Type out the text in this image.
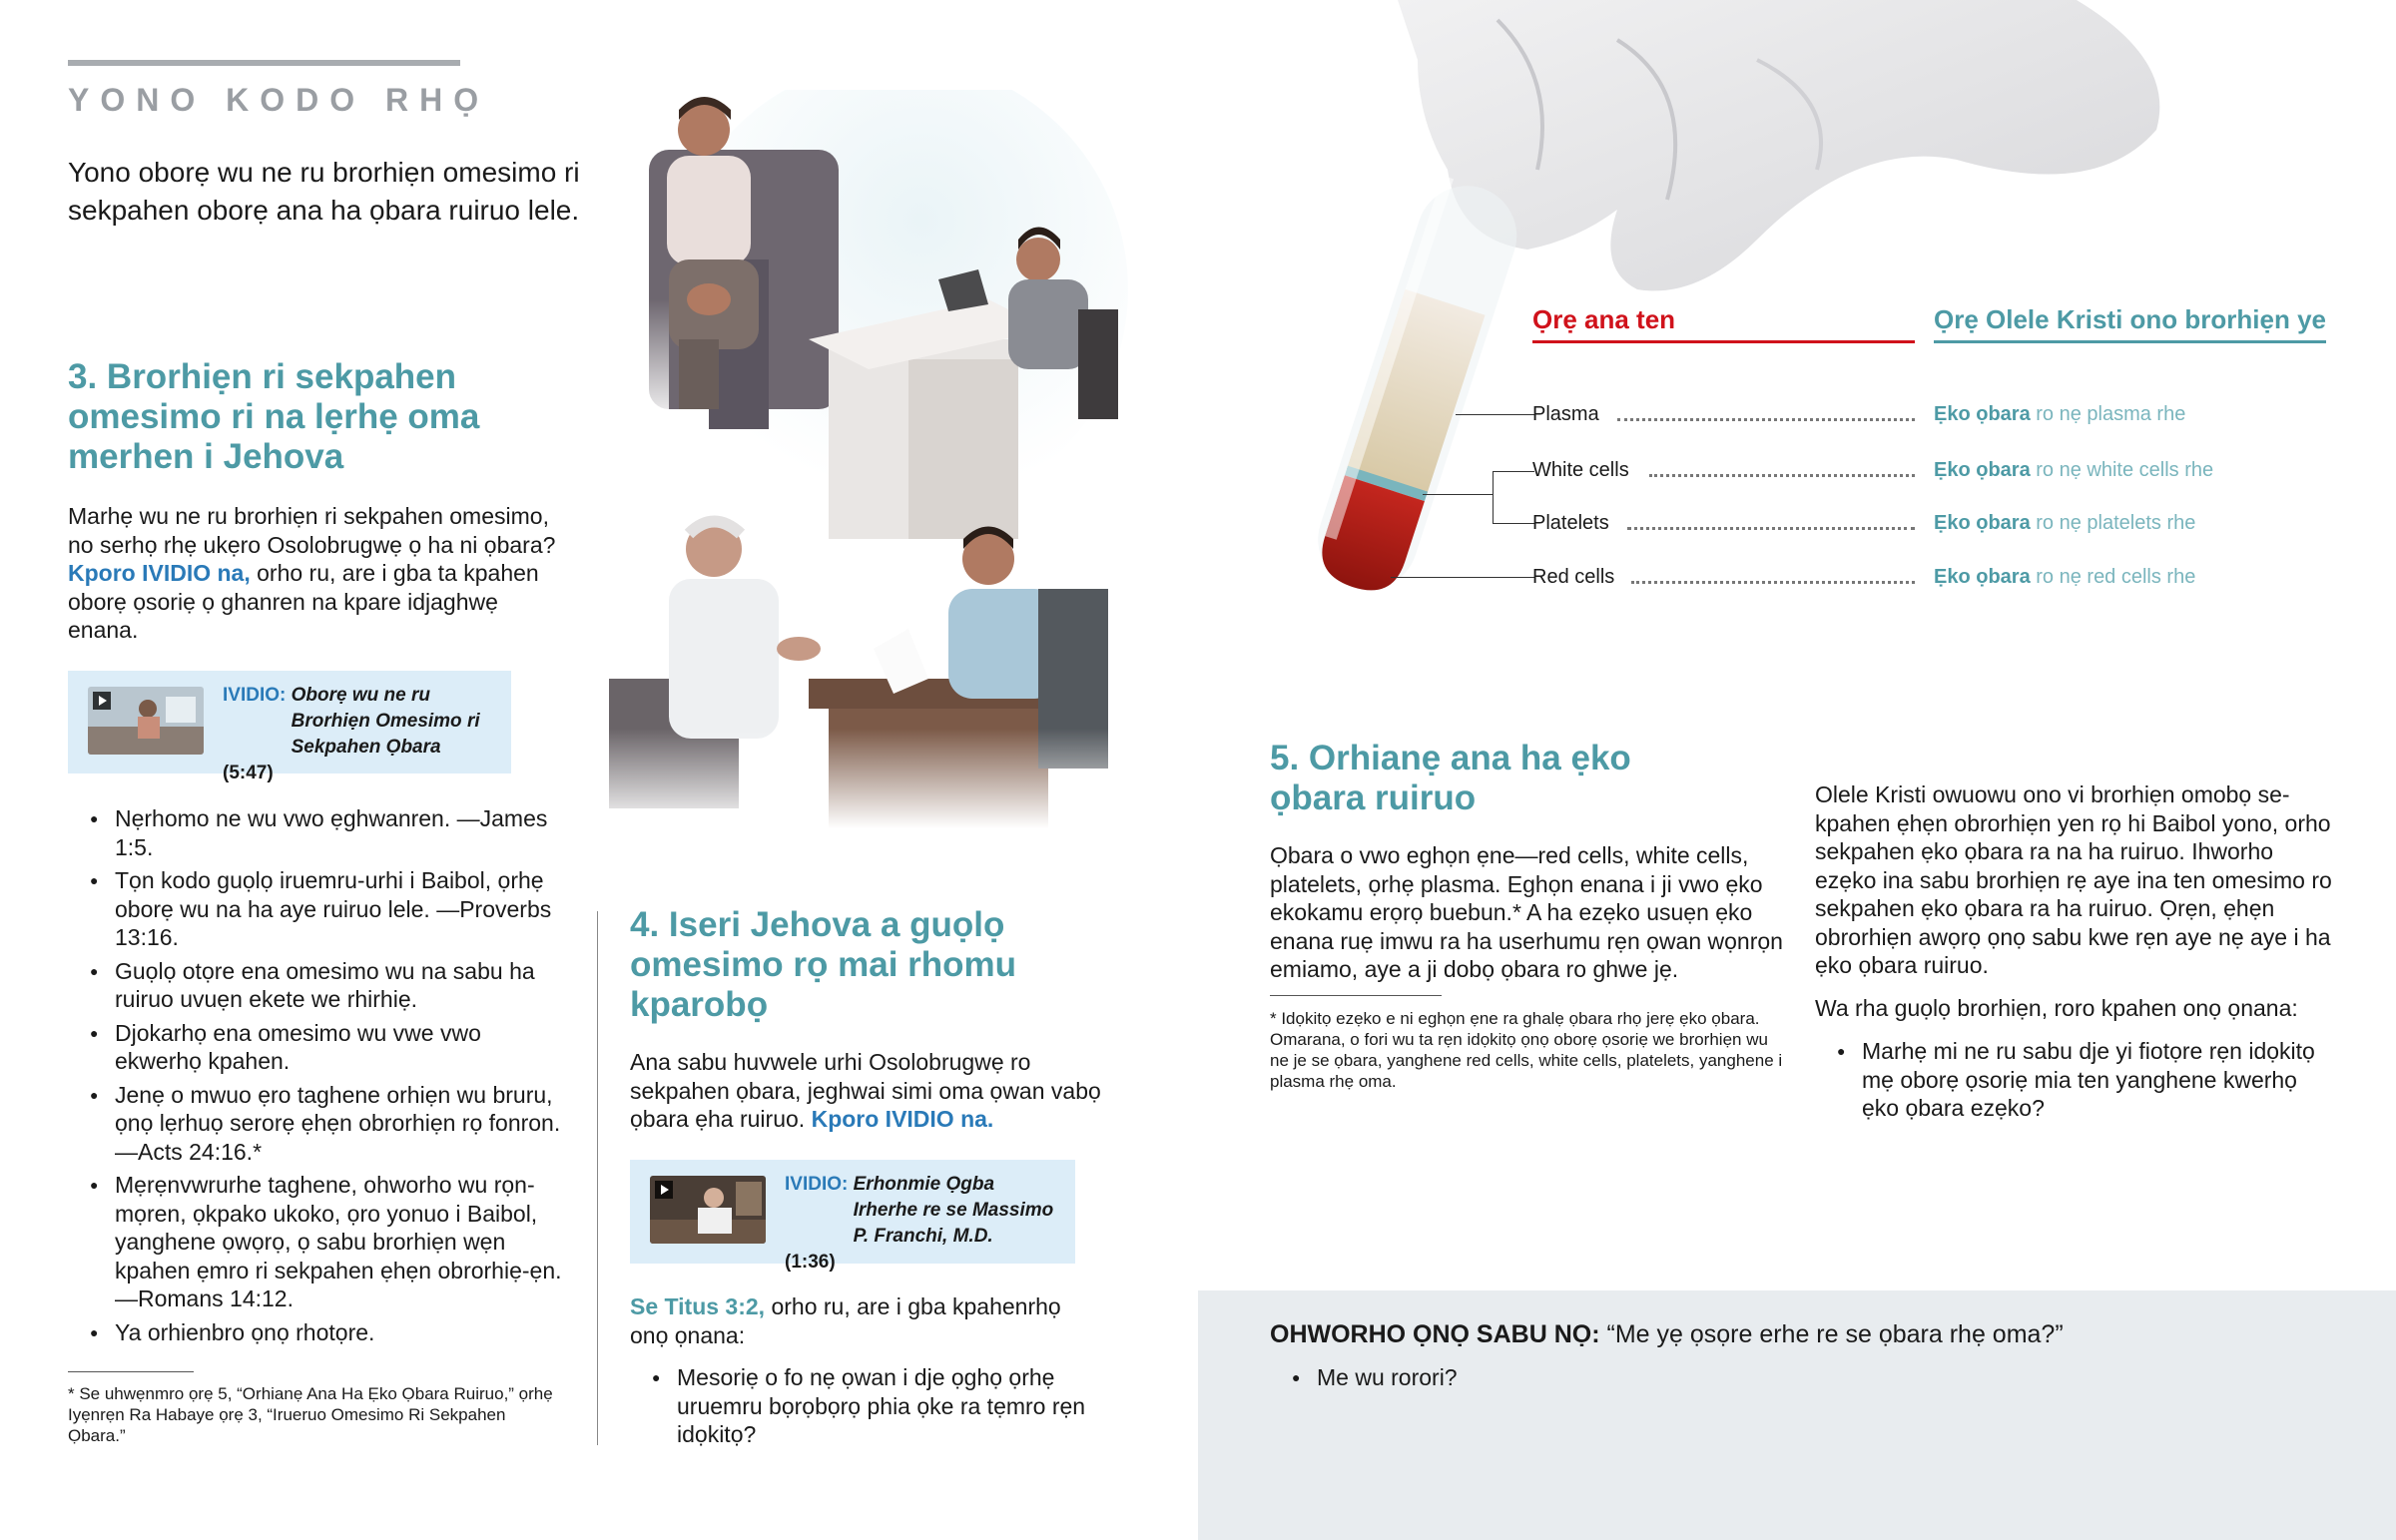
YONO KODO RHỌ

Yono oborẹ wu ne ru brorhiẹn omesimo ri sekpahen oborẹ ana ha ọbara ruiruo lele.

3. Brorhiẹn ri sekpahen omesimo ri na lẹrhẹ oma merhen i Jehova

Marhẹ wu ne ru brorhiẹn ri sekpahen omesimo, no serhọ rhẹ ukẹro Osolobrugwẹ ọ ha ni ọbara? Kporo IVIDIO na, orho ru, are i gba ta kpahen oborẹ ọsoriẹ ọ ghanren na kpare idjaghwẹ enana.

IVIDIO: Oborẹ wu ne ru Brorhiẹn Omesimo ri Sekpahen Ọbara (5:47)
● Nẹrhomo ne wu vwo ẹghwanren. —James 1:5.
● Tọn kodo guọlọ iruemru-urhi i Baibol, ọrhẹ oborẹ wu na ha aye ruiruo lele. —Proverbs 13:16.
● Guọlọ otọre ena omesimo wu na sabu ha ruiruo uvuẹn ekete we rhirhiẹ.
● Djokarhọ ena omesimo wu vwe vwo ekwerhọ kpahen.
● Jenẹ o mwuo ẹro taghene orhiẹn wu bruru, ọnọ lẹrhuọ serorẹ ẹhẹn obrorhiẹn rọ fonron. —Acts 24:16.*
● Mẹrẹnvwrurhe taghene, ohworho wu rọn-mọren, ọkpako ukoko, ọro yonuo i Baibol, yanghene ọwọrọ, ọ sabu brorhiẹn wẹn kpahen ẹmro ri sekpahen ẹhẹn obrorhiẹ-ẹn. —Romans 14:12.
● Ya orhienbro ọnọ rhotọre.

* Se uhwẹnmro ọrẹ 5, “Orhianẹ Ana Ha Ẹko Ọbara Ruiruo,” ọrhẹ Iyẹnrẹn Ra Habaye ọrẹ 3, “Irueruo Omesimo Ri Sekpahen Ọbara.”

4. Iseri Jehova a guọlọ omesimo rọ mai rhomu kparobọ

Ana sabu huvwele urhi Osolobrugwẹ ro sekpahen ọbara, jeghwai simi oma ọwan vabọ ọbara ẹha ruiruo. Kporo IVIDIO na.

IVIDIO: Erhonmie Ọgba Irherhe re se Massimo P. Franchi, M.D. (1:36)

Se Titus 3:2, orho ru, are i gba kpahenrhọ onọ ọnana:

● Mesoriẹ o fo nẹ ọwan i dje ọghọ ọrhẹ uruemru bọrọbọrọ phia ọke ra tẹmro rẹn idọkitọ?
Ọrẹ ana ten	Ọrẹ Olele Kristi ono brorhiẹn ye
Plasma	Ẹko ọbara ro nẹ plasma rhe
White cells	Ẹko ọbara ro nẹ white cells rhe
Platelets	Ẹko ọbara ro nẹ platelets rhe
Red cells	Ẹko ọbara ro nẹ red cells rhe
5. Orhianẹ ana ha ẹko ọbara ruiruo

Ọbara o vwo eghọn ẹne—red cells, white cells, platelets, ọrhẹ plasma. Eghọn enana i ji vwo ẹko ekokamu erọrọ buebun.* A ha ezẹko usuẹn ẹko enana ruẹ imwu ra ha userhumu rẹn ọwan wọnrọn emiamo, aye a ji dobọ ọbara ro ghwe jẹ.

* Idọkitọ ezẹko e ni eghọn ẹne ra ghalẹ ọbara rhọ jerẹ ẹko ọbara. Omarana, o fori wu ta rẹn idọkitọ ọnọ oborẹ ọsoriẹ we brorhiẹn wu ne je se ọbara, yanghene red cells, white cells, platelets, yanghene i plasma rhẹ oma.

Olele Kristi owuowu ono vi brorhiẹn omobọ se-kpahen ẹhẹn obrorhiẹn yen rọ hi Baibol yono, orho sekpahen ẹko ọbara ra na ha ruiruo. Ihworho ezẹko ina sabu brorhiẹn rẹ aye ina ten omesimo ro sekpahen ẹko ọbara ra ha ruiruo. Ọrẹn, ẹhẹn obrorhiẹn awọrọ ọnọ sabu kwe rẹn aye nẹ aye i ha ẹko ọbara ruiruo.

Wa rha guọlọ brorhiẹn, roro kpahen onọ ọnana:

● Marhẹ mi ne ru sabu dje yi fiotọre rẹn idọkitọ mẹ oborẹ ọsoriẹ mia ten yanghene kwerhọ ẹko ọbara ezẹko?

OHWORHO ỌNỌ SABU NỌ: “Me yẹ ọsọre erhe re se ọbara rhẹ oma?”

● Me wu rorori?
